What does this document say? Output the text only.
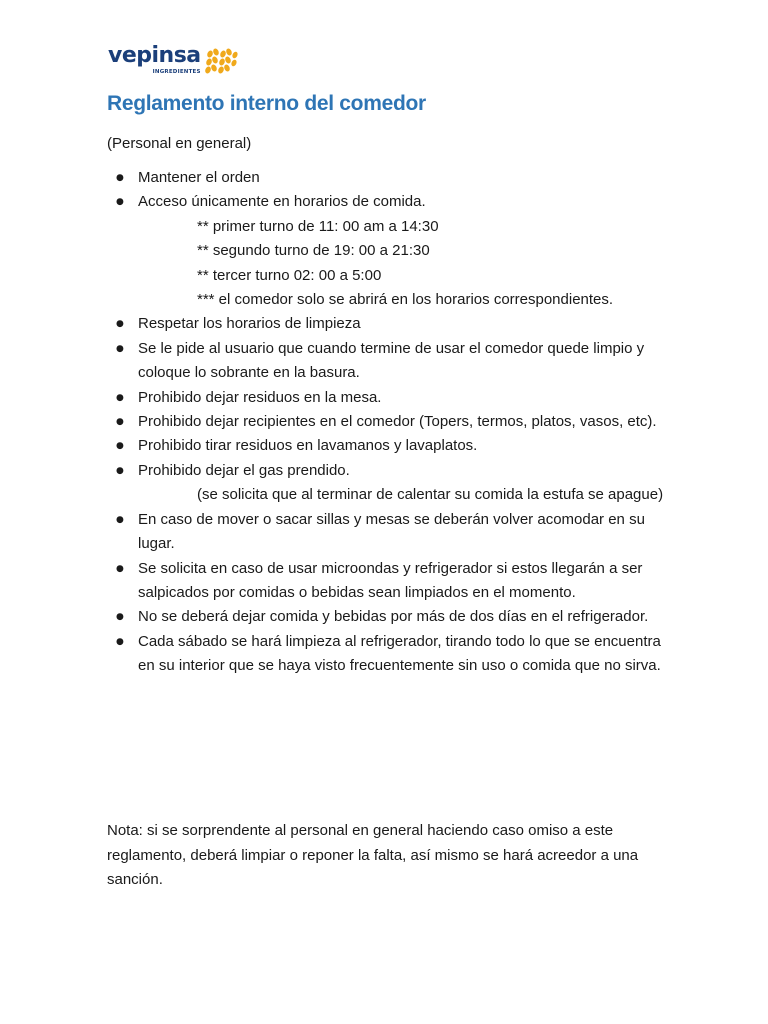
vepinsa
INGREDIENTES
Reglamento interno del comedor

(Personal en general)

● Mantener el orden
● Acceso únicamente en horarios de comida.
** primer turno de 11: 00 am a 14:30
** segundo turno de 19: 00 a 21:30
** tercer turno 02: 00 a 5:00
*** el comedor solo se abrirá en los horarios correspondientes.
● Respetar los horarios de limpieza
● Se le pide al usuario que cuando termine de usar el comedor quede limpio y coloque lo sobrante en la basura.
● Prohibido dejar residuos en la mesa.
● Prohibido dejar recipientes en el comedor (Topers, termos, platos, vasos, etc).
● Prohibido tirar residuos en lavamanos y lavaplatos.
● Prohibido dejar el gas prendido.
(se solicita que al terminar de calentar su comida la estufa se apague)
● En caso de mover o sacar sillas y mesas se deberán volver acomodar en su lugar.
● Se solicita en caso de usar microondas y refrigerador si estos llegarán a ser salpicados por comidas o bebidas sean limpiados en el momento.
● No se deberá dejar comida y bebidas por más de dos días en el refrigerador.
● Cada sábado se hará limpieza al refrigerador, tirando todo lo que se encuentra en su interior que se haya visto frecuentemente sin uso o comida que no sirva.

Nota: si se sorprendente al personal en general haciendo caso omiso a este reglamento, deberá limpiar o reponer la falta, así mismo se hará acreedor a una sanción.
